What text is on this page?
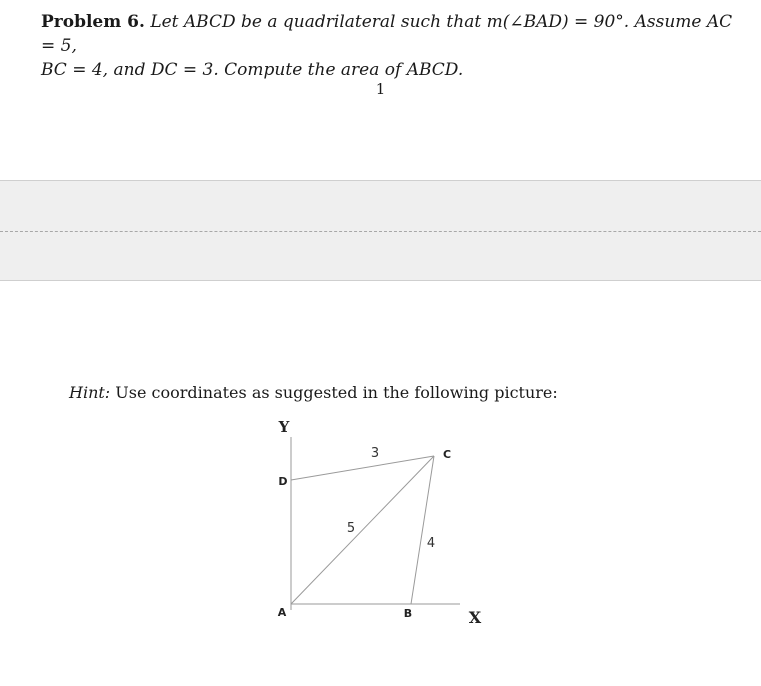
Problem 6. Let ABCD be a quadrilateral such that m(∠BAD) = 90°. Assume AC = 5,
BC = 4, and DC = 3. Compute the area of ABCD.
1
Hint: Use coordinates as suggested in the following picture:
Y
X
A	B
C
D
3
5
4
